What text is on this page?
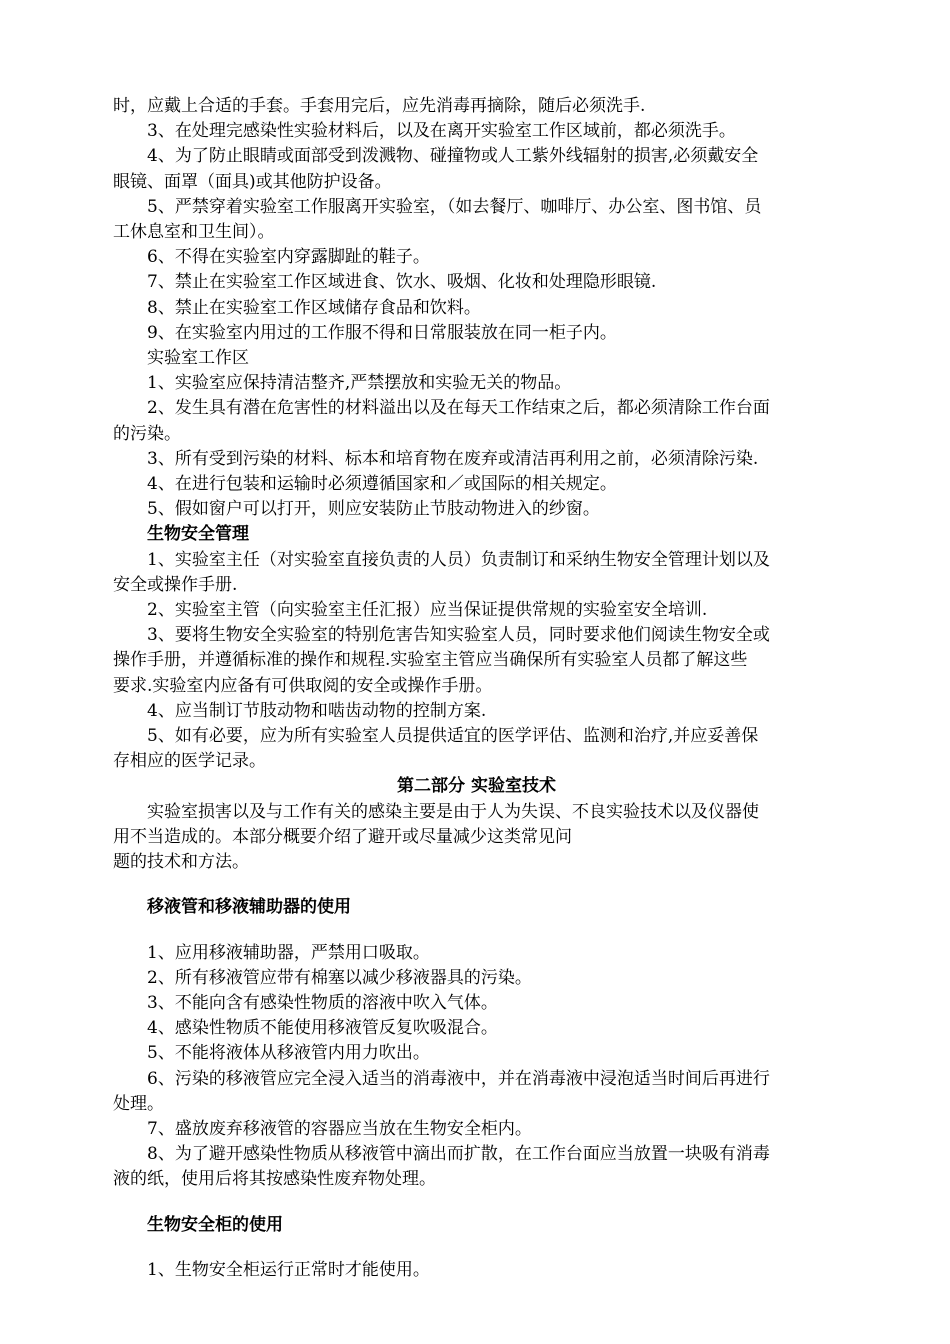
时，应戴上合适的手套。手套用完后，应先消毒再摘除，随后必须洗手.
3、在处理完感染性实验材料后，以及在离开实验室工作区域前，都必须洗手。
4、为了防止眼睛或面部受到泼溅物、碰撞物或人工紫外线辐射的损害,必须戴安全
眼镜、面罩（面具)或其他防护设备。
5、严禁穿着实验室工作服离开实验室，（如去餐厅、咖啡厅、办公室、图书馆、员
工休息室和卫生间）。
6、不得在实验室内穿露脚趾的鞋子。
7、禁止在实验室工作区域进食、饮水、吸烟、化妆和处理隐形眼镜.
8、禁止在实验室工作区域储存食品和饮料。
9、在实验室内用过的工作服不得和日常服装放在同一柜子内。
实验室工作区
1、实验室应保持清洁整齐,严禁摆放和实验无关的物品。
2、发生具有潜在危害性的材料溢出以及在每天工作结束之后，都必须清除工作台面
的污染。
3、所有受到污染的材料、标本和培育物在废弃或清洁再利用之前，必须清除污染.
4、在进行包装和运输时必须遵循国家和／或国际的相关规定。
5、假如窗户可以打开，则应安装防止节肢动物进入的纱窗。
生物安全管理
1、实验室主任（对实验室直接负责的人员）负责制订和采纳生物安全管理计划以及
安全或操作手册.
2、实验室主管（向实验室主任汇报）应当保证提供常规的实验室安全培训.
3、要将生物安全实验室的特别危害告知实验室人员，同时要求他们阅读生物安全或
操作手册，并遵循标准的操作和规程.实验室主管应当确保所有实验室人员都了解这些
要求.实验室内应备有可供取阅的安全或操作手册。
4、应当制订节肢动物和啮齿动物的控制方案.
5、如有必要，应为所有实验室人员提供适宜的医学评估、监测和治疗,并应妥善保
存相应的医学记录。
第二部分 实验室技术
实验室损害以及与工作有关的感染主要是由于人为失误、不良实验技术以及仪器使
用不当造成的。本部分概要介绍了避开或尽量减少这类常见问
题的技术和方法。
移液管和移液辅助器的使用
1、应用移液辅助器，严禁用口吸取。
2、所有移液管应带有棉塞以减少移液器具的污染。
3、不能向含有感染性物质的溶液中吹入气体。
4、感染性物质不能使用移液管反复吹吸混合。
5、不能将液体从移液管内用力吹出。
6、污染的移液管应完全浸入适当的消毒液中，并在消毒液中浸泡适当时间后再进行
处理。
7、盛放废弃移液管的容器应当放在生物安全柜内。
8、为了避开感染性物质从移液管中滴出而扩散，在工作台面应当放置一块吸有消毒
液的纸，使用后将其按感染性废弃物处理。
生物安全柜的使用
1、生物安全柜运行正常时才能使用。
